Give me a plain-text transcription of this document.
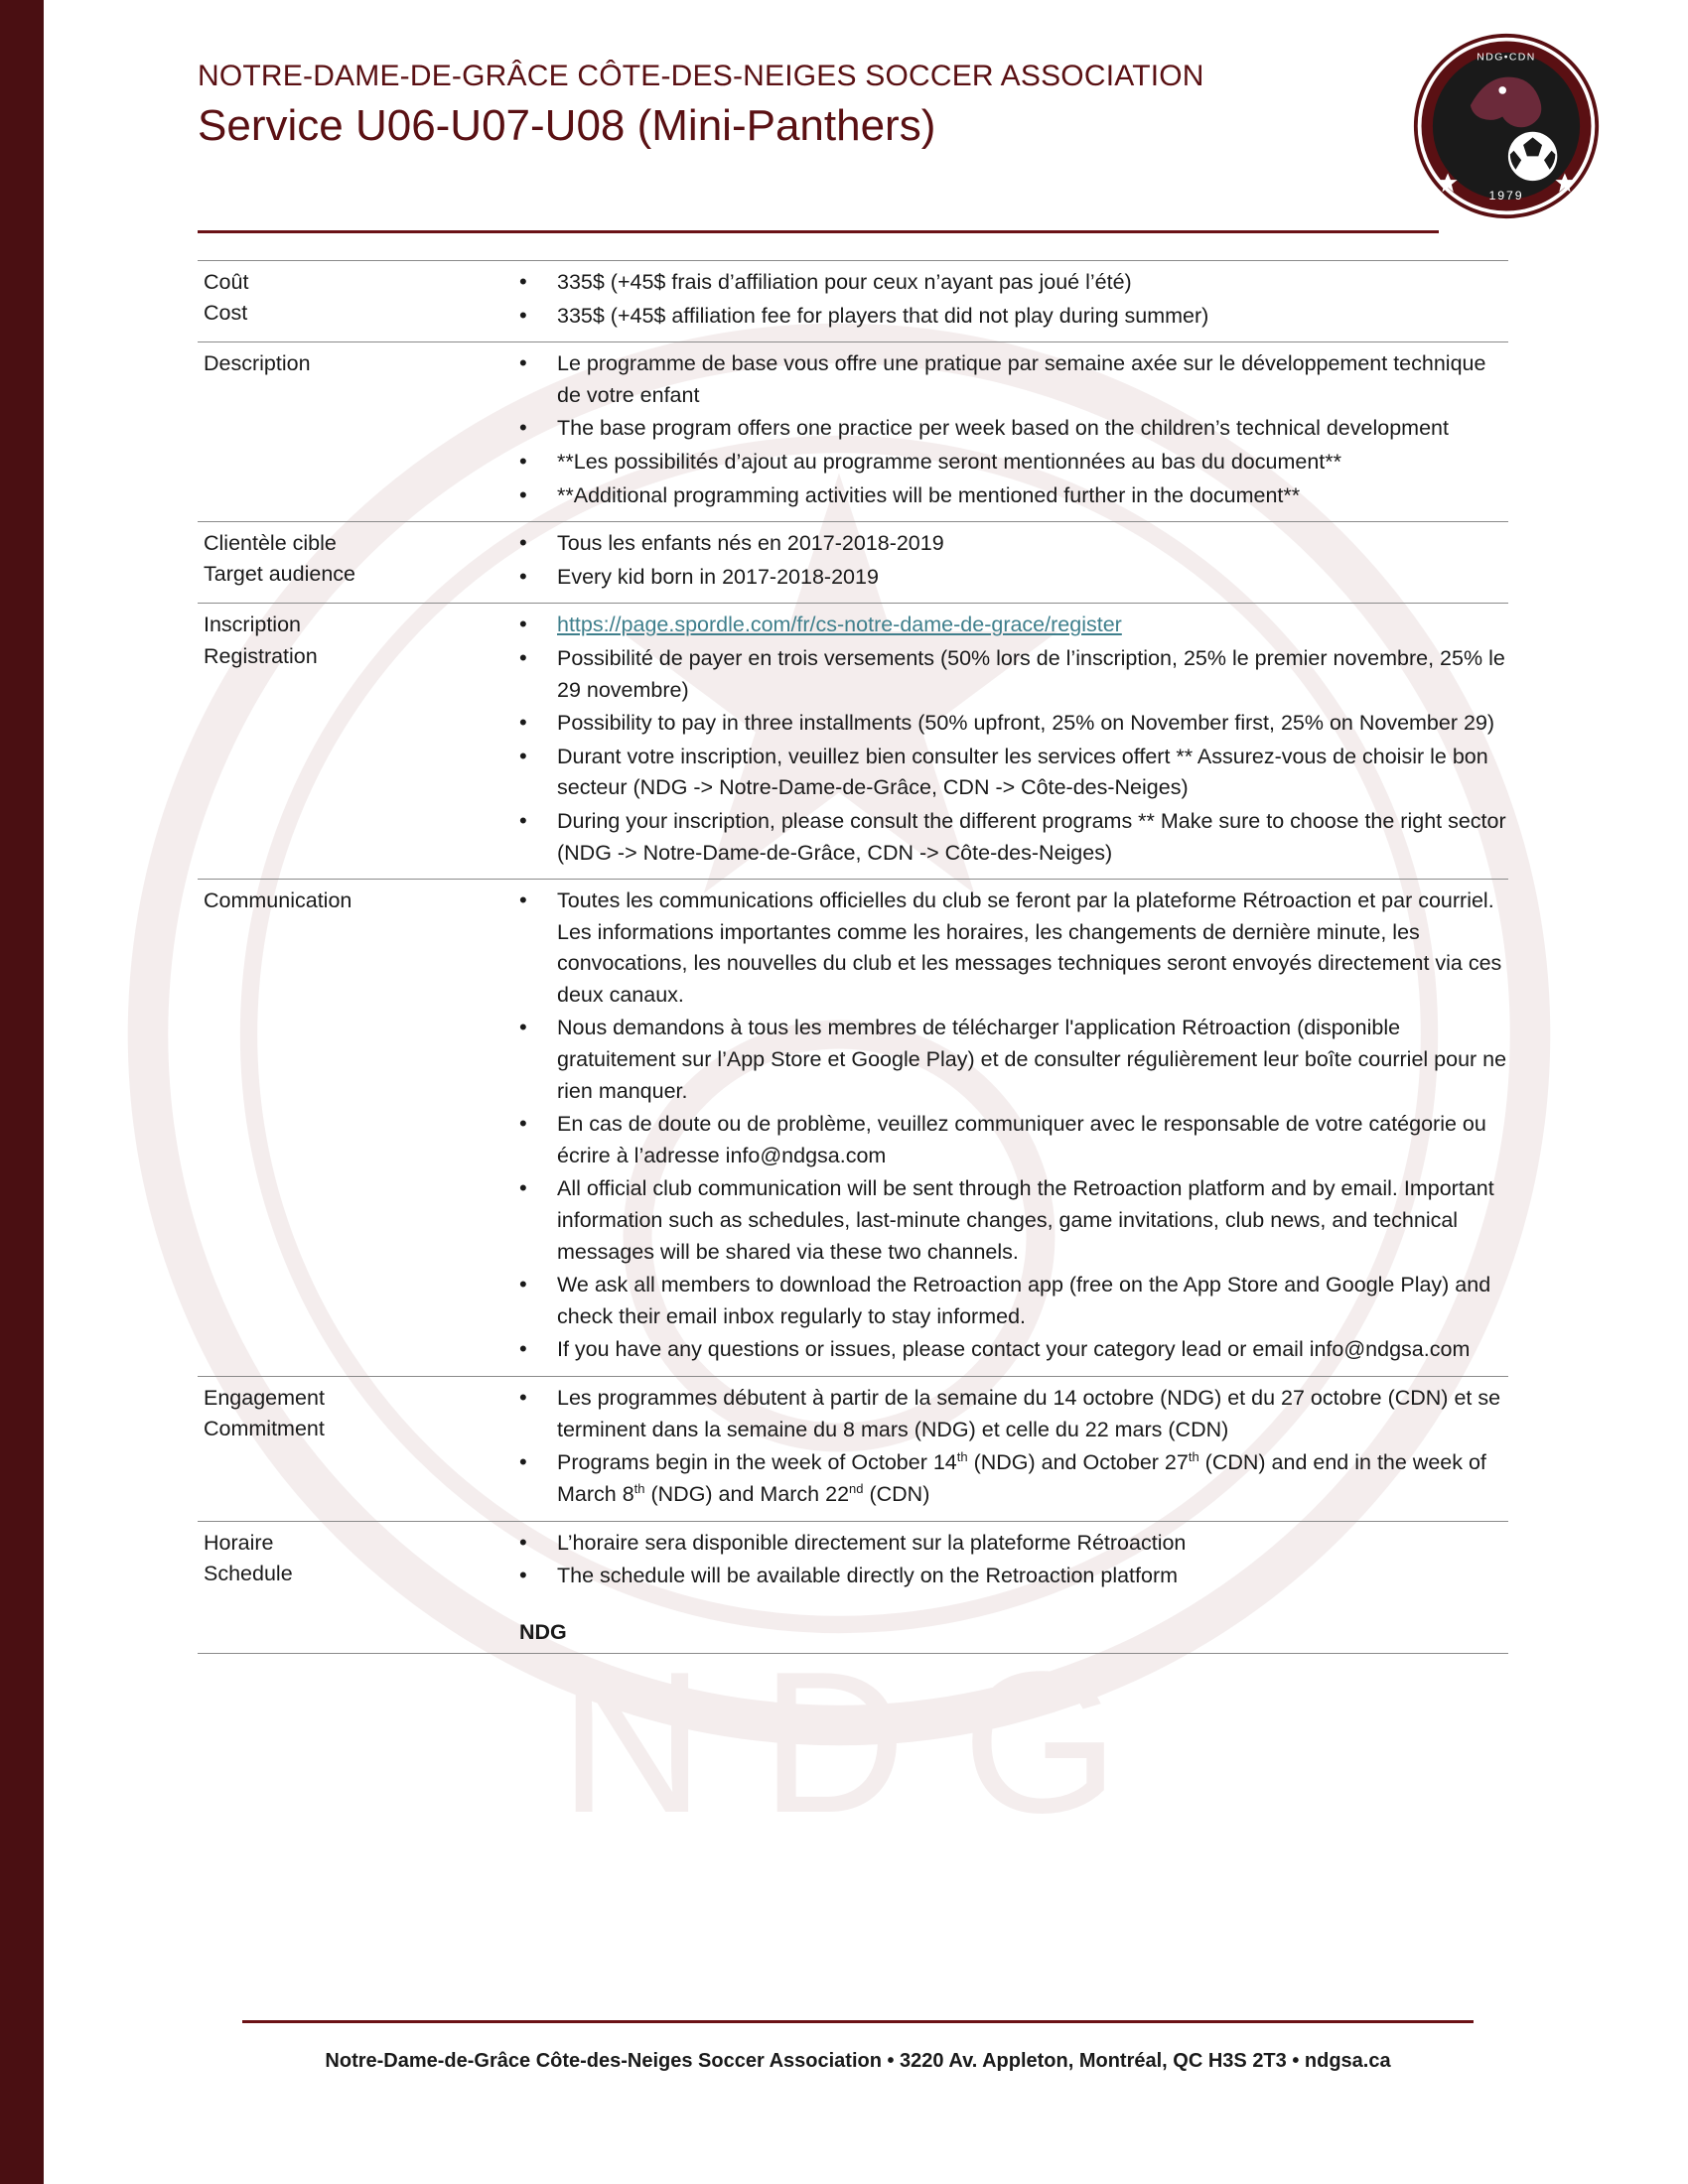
N D G
NOTRE-DAME-DE-GRÂCE CÔTE-DES-NEIGES SOCCER ASSOCIATION
Service U06-U07-U08 (Mini-Panthers)
NDG•CDN
1979
Coût
Cost
• 335$ (+45$ frais d’affiliation pour ceux n’ayant pas joué l’été)
• 335$ (+45$ affiliation fee for players that did not play during summer)
Description	• Le programme de base vous offre une pratique par semaine axée sur le développement technique de votre enfant
• The base program offers one practice per week based on the children’s technical development
• **Les possibilités d’ajout au programme seront mentionnées au bas du document**
• **Additional programming activities will be mentioned further in the document**
Clientèle cible
Target audience
• Tous les enfants nés en 2017-2018-2019
• Every kid born in 2017-2018-2019
Inscription
Registration
• https://page.spordle.com/fr/cs-notre-dame-de-grace/register
• Possibilité de payer en trois versements (50% lors de l’inscription, 25% le premier novembre, 25% le 29 novembre)
• Possibility to pay in three installments (50% upfront, 25% on November first, 25% on November 29)
• Durant votre inscription, veuillez bien consulter les services offert ** Assurez-vous de choisir le bon secteur (NDG -> Notre-Dame-de-Grâce, CDN -> Côte-des-Neiges)
• During your inscription, please consult the different programs ** Make sure to choose the right sector (NDG -> Notre-Dame-de-Grâce, CDN -> Côte-des-Neiges)
Communication	• Toutes les communications officielles du club se feront par la plateforme Rétroaction et par courriel. Les informations importantes comme les horaires, les changements de dernière minute, les convocations, les nouvelles du club et les messages techniques seront envoyés directement via ces deux canaux.
• Nous demandons à tous les membres de télécharger l'application Rétroaction (disponible gratuitement sur l’App Store et Google Play) et de consulter régulièrement leur boîte courriel pour ne rien manquer.
• En cas de doute ou de problème, veuillez communiquer avec le responsable de votre catégorie ou écrire à l’adresse info@ndgsa.com
• All official club communication will be sent through the Retroaction platform and by email. Important information such as schedules, last-minute changes, game invitations, club news, and technical messages will be shared via these two channels.
• We ask all members to download the Retroaction app (free on the App Store and Google Play) and check their email inbox regularly to stay informed.
• If you have any questions or issues, please contact your category lead or email info@ndgsa.com
Engagement
Commitment
• Les programmes débutent à partir de la semaine du 14 octobre (NDG) et du 27 octobre (CDN) et se terminent dans la semaine du 8 mars (NDG) et celle du 22 mars (CDN)
• Programs begin in the week of October 14th (NDG) and October 27th (CDN) and end in the week of March 8th (NDG) and March 22nd (CDN)
Horaire
Schedule
• L’horaire sera disponible directement sur la plateforme Rétroaction
• The schedule will be available directly on the Retroaction platform
NDG
Notre-Dame-de-Grâce Côte-des-Neiges Soccer Association • 3220 Av. Appleton, Montréal, QC H3S 2T3 • ndgsa.ca
